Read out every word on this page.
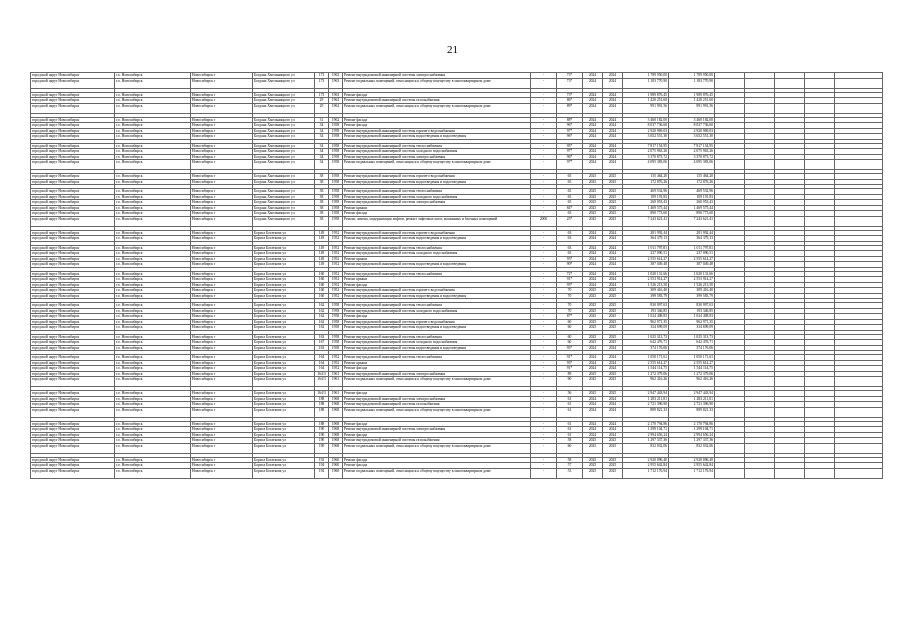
21
городской округ Новосибирск	г.о. Новосибирск	Новосибирск г	Богдана Хмельницкого ул	173	1963	Ремонт внутридомовой инженерной системы электроснабжения	-	73*	2024	2024	1 789 950,00	1 789 950,00					
городской округ Новосибирск	г.о. Новосибирск	Новосибирск г	Богдана Хмельницкого ул	173	1963	Ремонт подвальных помещений, относящихся к общему имуществу в многоквартирном доме	-	73*	2024	2024	1 183 770,90	1 183 770,90					

городской округ Новосибирск	г.о. Новосибирск	Новосибирск г	Богдана Хмельницкого ул	173	1963	Ремонт фасада	-	73*	2024	2024	1 989 876,45	1 989 876,45					
городской округ Новосибирск	г.о. Новосибирск	Новосибирск г	Богдана Хмельницкого ул	29	1962	Ремонт внутридомовой инженерной системы газоснабжения	-	86*	2024	2024	1 420 251,60	1 420 251,60					
городской округ Новосибирск	г.о. Новосибирск	Новосибирск г	Богдана Хмельницкого ул	29	1962	Ремонт подвальных помещений, относящихся к общему имуществу в многоквартирном доме	-	89*	2024	2024	991 991,56	991 991,56					

городской округ Новосибирск	г.о. Новосибирск	Новосибирск г	Богдана Хмельницкого ул	31	1962	Ремонт фасада	-	88*	2024	2024	3 460 182,00	3 460 182,00					
городской округ Новосибирск	г.о. Новосибирск	Новосибирск г	Богдана Хмельницкого ул	34	1958	Ремонт фасада	-	96*	2024	2024	8 037 736,60	8 037 736,60					
городской округ Новосибирск	г.о. Новосибирск	Новосибирск г	Богдана Хмельницкого ул	34	1958	Ремонт внутридомовой инженерной системы горячего водоснабжения	-	97*	2024	2024	2 920 969,03	2 920 969,03					
городской округ Новосибирск	г.о. Новосибирск	Новосибирск г	Богдана Хмельницкого ул	34	1958	Ремонт внутридомовой инженерной системы водоотведения и водоотведения	-	96*	2024	2024	3 652 551,30	3 652 551,30					

городской округ Новосибирск	г.о. Новосибирск	Новосибирск г	Богдана Хмельницкого ул	34	1958	Ремонт внутридомовой инженерной системы теплоснабжения	-	95*	2024	2024	7 817 154,95	7 817 154,95					
городской округ Новосибирск	г.о. Новосибирск	Новосибирск г	Богдана Хмельницкого ул	34	1958	Ремонт внутридомовой инженерной системы холодного водоснабжения	-	97*	2024	2024	2 075 963,26	2 075 963,26					
городской округ Новосибирск	г.о. Новосибирск	Новосибирск г	Богдана Хмельницкого ул	34	1958	Ремонт внутридомовой инженерной системы электроснабжения	-	96*	2024	2024	3 370 873,72	3 370 873,72					
городской округ Новосибирск	г.о. Новосибирск	Новосибирск г	Богдана Хмельницкого ул	34	1958	Ремонт подвальных помещений, относящихся к общему имуществу в многоквартирном доме	-	97*	2024	2024	4 095 383,06	4 095 383,06					

городской округ Новосибирск	г.о. Новосибирск	Новосибирск г	Богдана Хмельницкого ул	38	1958	Ремонт внутридомовой инженерной системы горячего водоснабжения	-	65	2025	2025	135 464,20	135 464,20					
городской округ Новосибирск	г.о. Новосибирск	Новосибирск г	Богдана Хмельницкого ул	38	1958	Ремонт внутридомовой инженерной системы водоотведения и водоотведения	-	65	2025	2025	172 876,26	172 876,26					

городской округ Новосибирск	г.о. Новосибирск	Новосибирск г	Богдана Хмельницкого ул	38	1958	Ремонт внутридомовой инженерной системы теплоснабжения	-	65	2025	2025	469 532,96	469 532,96					
городской округ Новосибирск	г.о. Новосибирск	Новосибирск г	Богдана Хмельницкого ул	38	1958	Ремонт внутридомовой инженерной системы холодного водоснабжения	-	65	2025	2025	109 191,83	109 191,83					
городской округ Новосибирск	г.о. Новосибирск	Новосибирск г	Богдана Хмельницкого ул	38	1958	Ремонт внутридомовой инженерной системы электроснабжения	-	65	2025	2025	260 053,43	260 053,43					
городской округ Новосибирск	г.о. Новосибирск	Новосибирск г	Богдана Хмельницкого ул	38	1958	Ремонт крыши	-	84*	2025	2025	1 469 575,44	1 469 575,44					
городской округ Новосибирск	г.о. Новосибирск	Новосибирск г	Богдана Хмельницкого ул	38	1958	Ремонт фасада	-	65	2025	2025	890 773,60	890 773,60					
городской округ Новосибирск	г.о. Новосибирск	Новосибирск г	Богдана Хмельницкого ул	38	1958	Ремонт, замена, модернизация лифтов, ремонт лифтовых шахт, машинных и блочных помещений	2000	25*	2025	2025	7 243 621,41	7 243 621,41					

городской округ Новосибирск	г.о. Новосибирск	Новосибирск г	Бориса Богаткова ул	149	1952	Ремонт внутридомовой инженерной системы горячего водоснабжения	-	63	2024	2024	281 992,44	281 992,44					
городской округ Новосибирск	г.о. Новосибирск	Новосибирск г	Бориса Богаткова ул	149	1952	Ремонт внутридомовой инженерной системы водоотведения и водоотведения	-	63	2024	2024	364 379,13	364 379,13					

городской округ Новосибирск	г.о. Новосибирск	Новосибирск г	Бориса Богаткова ул	149	1952	Ремонт внутридомовой инженерной системы теплоснабжения	-	63	2024	2024	1 011 797,81	1 011 797,81					
городской округ Новосибирск	г.о. Новосибирск	Новосибирск г	Бориса Богаткова ул	149	1952	Ремонт внутридомовой инженерной системы холодного водоснабжения	-	65	2024	2024	237 090,51	237 090,51					
городской округ Новосибирск	г.о. Новосибирск	Новосибирск г	Бориса Богаткова ул	149	1952	Ремонт крыши	-	93*	2024	2024	2 555 614,27	2 555 614,27					
городской округ Новосибирск	г.о. Новосибирск	Новосибирск г	Бориса Богаткова ул	149	1952	Ремонт внутридомовой инженерной системы водоотведения и водоотведения	-	90*	2024	2024	387 049,48	387 049,48					

городской округ Новосибирск	г.о. Новосибирск	Новосибирск г	Бориса Богаткова ул	160	1952	Ремонт внутридомовой инженерной системы теплоснабжения	-	72*	2024	2024	1 020 131,66	1 020 131,66					
городской округ Новосибирск	г.о. Новосибирск	Новосибирск г	Бориса Богаткова ул	160	1952	Ремонт крыши	-	91*	2024	2024	2 553 914,27	2 553 914,27					
городской округ Новосибирск	г.о. Новосибирск	Новосибирск г	Бориса Богаткова ул	160	1952	Ремонт фасада	-	93*	2024	2024	1 526 213,50	1 526 213,50					
городской округ Новосибирск	г.о. Новосибирск	Новосибирск г	Бориса Богаткова ул	160	1952	Ремонт внутридомовой инженерной системы горячего водоснабжения	-	70	2025	2025	309 416,40	309 416,40					
городской округ Новосибирск	г.о. Новосибирск	Новосибирск г	Бориса Богаткова ул	160	1952	Ремонт внутридомовой инженерной системы водоотведения и водоотведения	-	70	2025	2025	399 583,79	399 583,79					

городской округ Новосибирск	г.о. Новосибирск	Новосибирск г	Бориса Богаткова ул	162	1958	Ремонт внутридомовой инженерной системы теплоснабжения	-	70	2025	2025	830 997,63	830 997,63					
городской округ Новосибирск	г.о. Новосибирск	Новосибирск г	Бориса Богаткова ул	162	1958	Ремонт внутридомовой инженерной системы холодного водоснабжения	-	70	2025	2025	193 346,85	193 346,85					
городской округ Новосибирск	г.о. Новосибирск	Новосибирск г	Бориса Богаткова ул	162	1958	Ремонт фасада	-	87*	2025	2025	1 024 408,83	1 024 408,83					
городской округ Новосибирск	г.о. Новосибирск	Новосибирск г	Бориса Богаткова ул	162	1958	Ремонт внутридомовой инженерной системы горячего водоснабжения	-	60	2025	2025	962 971,35	962 971,35					
городской округ Новосибирск	г.о. Новосибирск	Новосибирск г	Бориса Богаткова ул	162	1958	Ремонт внутридомовой инженерной системы водоотведения и водоотведения	-	60	2025	2025	334 699,09	334 699,09					

городской округ Новосибирск	г.о. Новосибирск	Новосибирск г	Бориса Богаткова ул	163	1958	Ремонт внутридомовой инженерной системы теплоснабжения	-	60	2025	2025	1 025 313,73	1 025 313,73					
городской округ Новосибирск	г.о. Новосибирск	Новосибирск г	Бориса Богаткова ул	167	1958	Ремонт внутридомовой инженерной системы холодного водоснабжения	-	60	2025	2025	642 476,71	642 476,71					
городской округ Новосибирск	г.о. Новосибирск	Новосибирск г	Бориса Богаткова ул	163	1958	Ремонт внутридомовой инженерной системы водоотведения и водоотведения	-	93*	2024	2024	374 176,06	374 176,06					

городской округ Новосибирск	г.о. Новосибирск	Новосибирск г	Бориса Богаткова ул	164	1952	Ремонт внутридомовой инженерной системы теплоснабжения	-	91*	2024	2024	1 050 171,61	1 050 171,61					
городской округ Новосибирск	г.о. Новосибирск	Новосибирск г	Бориса Богаткова ул	164	1952	Ремонт крыши	-	93*	2024	2024	2 555 614,27	2 555 614,27					
городской округ Новосибирск	г.о. Новосибирск	Новосибирск г	Бориса Богаткова ул	164	1952	Ремонт фасада	-	91*	2024	2024	1 544 114,75	1 544 114,75					
городской округ Новосибирск	г.о. Новосибирск	Новосибирск г	Бориса Богаткова ул	164/3	1961	Ремонт внутридомовой инженерной системы электроснабжения	-	89	2025	2025	1 272 379,06	1 272 379,06					
городской округ Новосибирск	г.о. Новосибирск	Новосибирск г	Бориса Богаткова ул	164/3	1961	Ремонт подвальных помещений, относящихся к общему имуществу в многоквартирном доме	-	90	2025	2025	962 416,26	962 416,26					

городской округ Новосибирск	г.о. Новосибирск	Новосибирск г	Бориса Богаткова ул	164/3	1961	Ремонт фасада	-	56	2025	2025	2 947 443,94	2 947 443,94					
городской округ Новосибирск	г.о. Новосибирск	Новосибирск г	Бориса Богаткова ул	188	1968	Ремонт внутридомовой инженерной системы электроснабжения	-	61	2024	2024	1 283 211,81	1 283 211,81					
городской округ Новосибирск	г.о. Новосибирск	Новосибирск г	Бориса Богаткова ул	188	1968	Ремонт внутридомовой инженерной системы газоснабжения	-	61	2024	2024	2 721 396,90	2 721 396,90					
городской округ Новосибирск	г.о. Новосибирск	Новосибирск г	Бориса Богаткова ул	188	1968	Ремонт подвальных помещений, относящихся к общему имуществу в многоквартирном доме	-	61	2024	2024	889 821,33	889 821,33					

городской округ Новосибирск	г.о. Новосибирск	Новосибирск г	Бориса Богаткова ул	188	1968	Ремонт фасада	-	61	2024	2024	2 170 794,86	2 170 794,86					
городской округ Новосибирск	г.о. Новосибирск	Новосибирск г	Бориса Богаткова ул	190	1968	Ремонт внутридомовой инженерной системы электроснабжения	-	61	2024	2024	1 299 104,71	1 299 104,71					
городской округ Новосибирск	г.о. Новосибирск	Новосибирск г	Бориса Богаткова ул	190	1968	Ремонт фасада	-	61	2024	2024	2 994 656,24	2 994 656,24					
городской округ Новосибирск	г.о. Новосибирск	Новосибирск г	Бориса Богаткова ул	190	1968	Ремонт внутридомовой инженерной системы газоснабжения	-	58	2025	2025	1 297 337,36	1 297 337,36					
городской округ Новосибирск	г.о. Новосибирск	Новосибирск г	Бориса Богаткова ул	190	1968	Ремонт подвальных помещений, относящихся к общему имуществу в многоквартирном доме	-	60	2025	2025	832 032,06	832 032,06					

городской округ Новосибирск	г.о. Новосибирск	Новосибирск г	Бориса Богаткова ул	192	1960	Ремонт фасада	-	58	2025	2025	2 920 096,40	2 920 096,40					
городской округ Новосибирск	г.о. Новосибирск	Новосибирск г	Бориса Богаткова ул	194	1960	Ремонт фасада	-	57	2025	2025	2 955 642,84	2 955 642,84					
городской округ Новосибирск	г.о. Новосибирск	Новосибирск г	Бориса Богаткова ул	194	1960	Ремонт подвальных помещений, относящихся к общему имуществу в многоквартирном доме	-	53	2025	2025	1 712 176,94	1 712 176,94					
